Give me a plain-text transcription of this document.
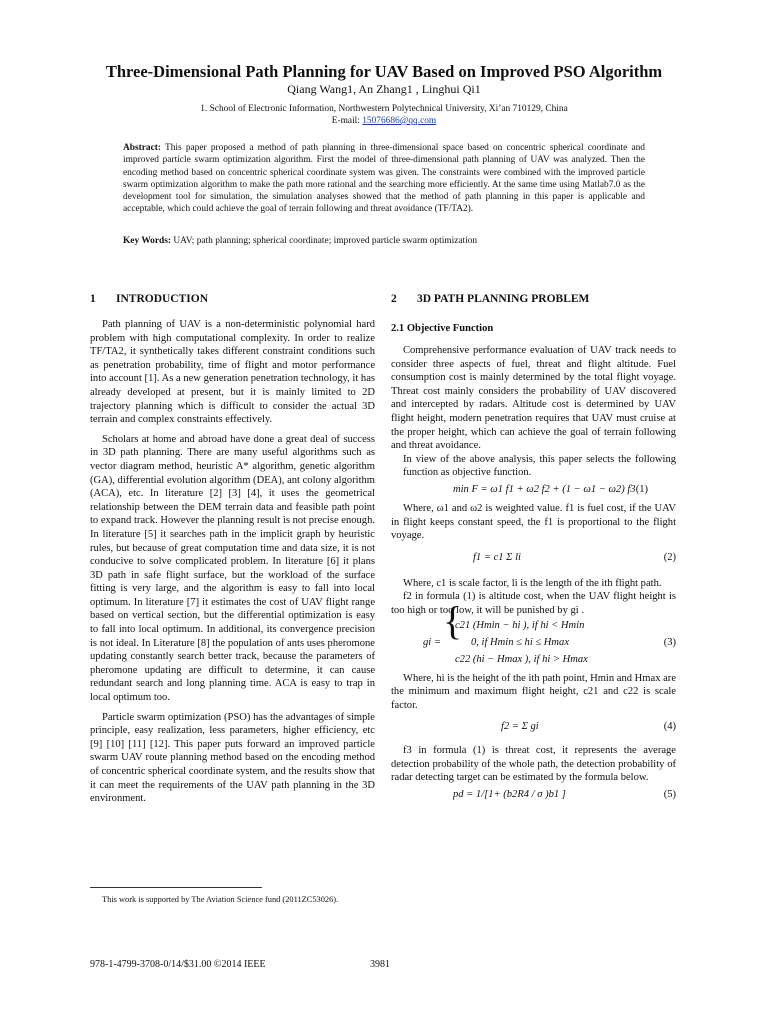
Three-Dimensional Path Planning for UAV Based on Improved PSO Algorithm
Qiang Wang1, An Zhang1 , Linghui Qi1
1. School of Electronic Information, Northwestern Polytechnical University, Xi’an 710129, China
E-mail: 15076686@qq.com
Abstract: This paper proposed a method of path planning in three-dimensional space based on concentric spherical coordinate and improved particle swarm optimization algorithm. First the model of three-dimensional path planning of UAV was analyzed. Then the encoding method based on concentric spherical coordinate system was given. The constraints were combined with the improved particle swarm optimization algorithm to make the path more rational and the searching more efficiently. At the same time using Matlab7.0 as the development tool for simulation, the simulation analyses showed that the method of path planning in this paper is applicable and acceptable, which could achieve the goal of terrain following and threat avoidance (TF/TA2).
Key Words: UAV; path planning; spherical coordinate; improved particle swarm optimization
1 INTRODUCTION	2 3D PATH PLANNING PROBLEM
2.1 Objective Function

Path planning of UAV is a non-deterministic polynomial hard problem with high computational complexity. In order to realize TF/TA2, it synthetically takes different constraint conditions such as penetration probability, time of flight and motor performance into account [1]. As a new generation penetration technology, it has already developed at present, but it is mainly limited to 2D trajectory planning which is difficult to consider the actual 3D terrain and complex constraints effectively.

Scholars at home and abroad have done a great deal of success in 3D path planning. There are many useful algorithms such as vector diagram method, heuristic A* algorithm, genetic algorithm (GA), differential evolution algorithm (DEA), ant colony algorithm (ACA), etc. In literature [2] [3] [4], it uses the geometrical relationship between the DEM terrain data and feasible path point to expand track. However the planning result is not precise enough. In literature [5] it searches path in the implicit graph by heuristic rules, but because of great computation time and data size, it is not conducive to solve complicated problem. In literature [6] it plans 3D path in safe flight surface, but the workload of the surface fitting is very large, and the algorithm is easy to fall into local optimum. In literature [7] it estimates the cost of UAV flight range based on vertical section, but the differential optimization is easy to fall into local optimum. In additional, its convergence precision is not ideal. In Literature [8] the population of ants uses pheromone updating constantly search better track, because the parameters of pheromone updating are difficult to determine, it can cause redundant search and long planning time. ACA is easy to trap in local optimum too.

Particle swarm optimization (PSO) has the advantages of simple principle, easy realization, less parameters, higher efficiency, etc [9] [10] [11] [12]. This paper puts forward an improved particle swarm UAV route planning method based on the encoding method of concentric spherical coordinate system, and the results show that it can meet the requirements of the UAV path planning in the 3D environment.

Comprehensive performance evaluation of UAV track needs to consider three aspects of fuel, threat and flight altitude. Fuel consumption cost is mainly determined by the total flight voyage. Threat cost mainly considers the probability of UAV discovered and intercepted by radars. Altitude cost is determined by UAV flight height, modern penetration requires that UAV must cruise at the proper height, which can achieve the goal of terrain following and threat avoidance.

In view of the above analysis, this paper selects the following function as objective function.

min F = ω1 f1 + ω2 f2 + (1 − ω1 − ω2) f3 (1)

Where, ω1 and ω2 is weighted value. f1 is fuel cost, if the UAV in flight keeps constant speed, the f1 is proportional to the flight voyage.

f1 = c1 Σ li	(2)

Where, c1 is scale factor, li is the length of the ith flight path.

f2 in formula (1) is altitude cost, when the UAV flight height is too high or too low, it will be punished by gi .

gi = {
c21 (Hmin − hi ), if hi < Hmin
0, if Hmin ≤ hi ≤ Hmax
c22 (hi − Hmax ), if hi > Hmax
(3)

Where, hi is the height of the ith path point, Hmin and Hmax are the minimum and maximum flight height, c21 and c22 is scale factor.

f2 = Σ gi	(4)

f3 in formula (1) is threat cost, it represents the average detection probability of the whole path, the detection probability of radar detecting target can be estimated by the formula below.

pd = 1/[1+ (b2R4 / σ )b1 ]	(5)
This work is supported by The Aviation Science fund (2011ZC53026).
978-1-4799-3708-0/14/$31.00 ©2014 IEEE	3981
